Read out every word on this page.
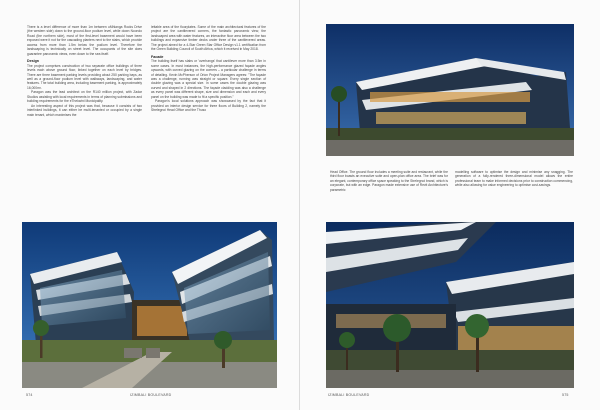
There is a level difference of more than 1m between uMhlanga Rocks Drive (the western side) down to the ground-floor podium level, while down Ncondo Road (the northern side), most of the first-level basement would have been exposed were it not for the cascading planters next to the stairs, which provide access from more than 1.5m below the podium level. Therefore the landscaping is technically on street level. The occupants of the site does guarantee panoramic views, even down to the sea itself.

Design

The project comprises construction of two separate office buildings of three levels each above ground floor, linked together on each level by bridges. There are three basement parking levels providing about 250 parking bays, as well as a ground-floor podium level with walkways, landscaping, and water features. The total building area, including basement parking, is approximately 16,000m².

Paragon was the lead architect on the R140 million project, with Zadar Studios assisting with local requirements in terms of planning submissions and building requirements for the eThekwini Municipality.

An interesting aspect of this project was that, because it consists of two interlinked buildings, it can either be multi-tenanted or occupied by a single main tenant, which maximises the

lettable area of the floorplates. Some of the main architectural features of the project are the cantilevered corners, the fantastic panoramic view, the landscaped area with water features, an interactive floor area between the two buildings and expansive timber decks under three of the cantilevered areas. The project aimed for a 4-Star Green Star Office Design v1.1 certification from the Green Building Council of South Africa, which it received in May 2018.

Facade

The building itself has slabs or 'overhangs' that cantilever more than 3.5m in some cases. In most instances, the high-performance glazed façade angles upwards, with curved glazing on the corners – a particular challenge in terms of detailing. Kevin McPherson of Orion Project Managers agrees: "The façade was a challenge, running was straight or square. Every single section of double glazing was a special size. In some cases the double glazing was curved and shaped in 2 directions. The façade cladding was also a challenge as every panel was different shape, size and dimension and each and every panel on the building was made to fit a specific position."

Paragon's local solutions approach was showcased by the fact that it provided an interior design service for three floors of Building 2, namely the Strelegnoi Head Office and the Thuso

574	IZIMBALI BOULEVARD

Head Office. The ground floor includes a meeting suite and restaurant, while the third floor boasts an executive suite and open-plan office area. The brief was for an elegant, contemporary office space speaking to the Strelegnoi brand, which is corporate, but with an edge. Paragon made extensive use of Revit Architecture's parametric

modelling software to optimise the design and minimise any snagging. The generation of a fully-rendered three-dimensional model allows the entire professional team to make informed decisions prior to construction commencing, while also allowing for value engineering to optimise cost-savings.

IZIMBALI BOULEVARD	575
